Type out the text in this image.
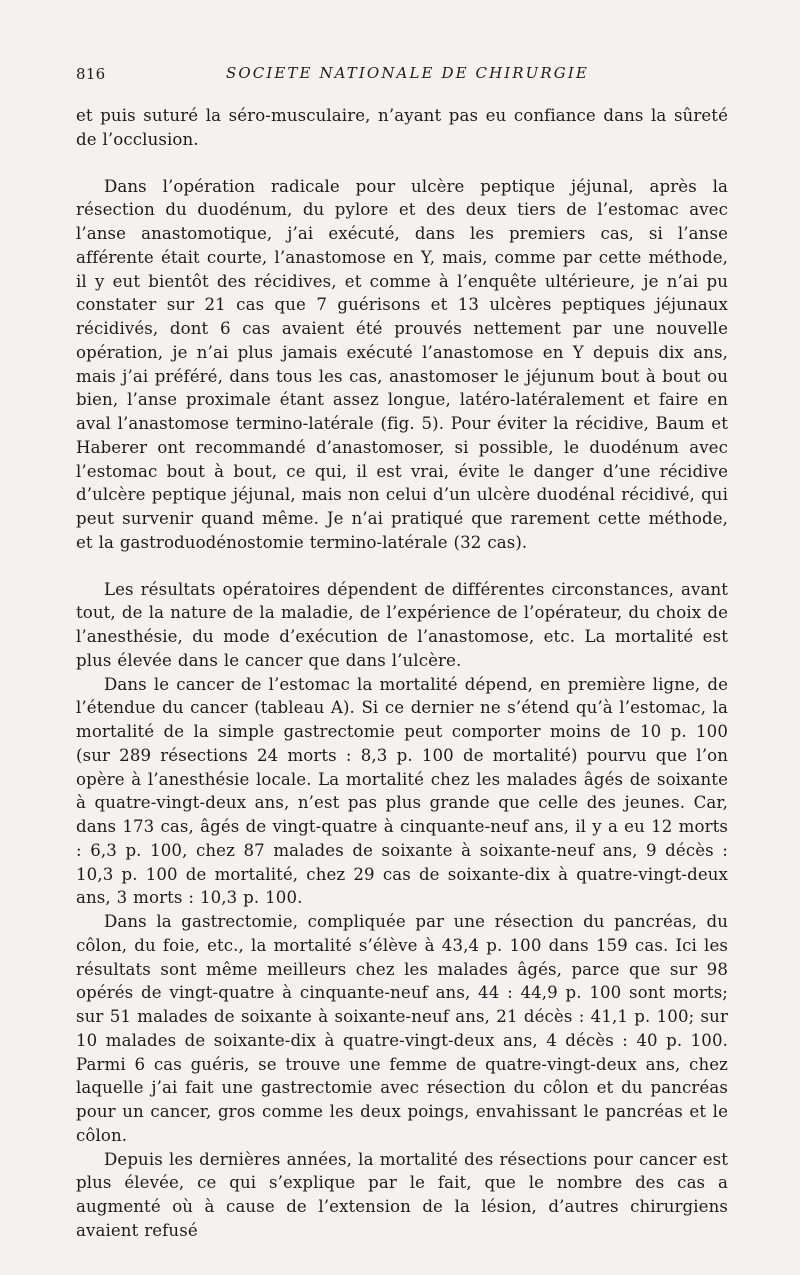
816	SOCIETE NATIONALE DE CHIRURGIE

et puis suturé la séro-musculaire, n’ayant pas eu confiance dans la sûreté de l’occlusion.

Dans l’opération radicale pour ulcère peptique jéjunal, après la résection du duodénum, du pylore et des deux tiers de l’estomac avec l’anse anastomotique, j’ai exécuté, dans les premiers cas, si l’anse afférente était courte, l’anastomose en Y, mais, comme par cette méthode, il y eut bientôt des récidives, et comme à l’enquête ultérieure, je n’ai pu constater sur 21 cas que 7 guérisons et 13 ulcères peptiques jéjunaux récidivés, dont 6 cas avaient été prouvés nettement par une nouvelle opération, je n’ai plus jamais exécuté l’anastomose en Y depuis dix ans, mais j’ai préféré, dans tous les cas, anastomoser le jéjunum bout à bout ou bien, l’anse proximale étant assez longue, latéro-latéralement et faire en aval l’anastomose termino-latérale (fig. 5). Pour éviter la récidive, Baum et Haberer ont recommandé d’anastomoser, si possible, le duodénum avec l’estomac bout à bout, ce qui, il est vrai, évite le danger d’une récidive d’ulcère peptique jéjunal, mais non celui d’un ulcère duodénal récidivé, qui peut survenir quand même. Je n’ai pratiqué que rarement cette méthode, et la gastroduodénostomie termino-latérale (32 cas).

Les résultats opératoires dépendent de différentes circonstances, avant tout, de la nature de la maladie, de l’expérience de l’opérateur, du choix de l’anesthésie, du mode d’exécution de l’anastomose, etc. La mortalité est plus élevée dans le cancer que dans l’ulcère.

Dans le cancer de l’estomac la mortalité dépend, en première ligne, de l’étendue du cancer (tableau A). Si ce dernier ne s’étend qu’à l’estomac, la mortalité de la simple gastrectomie peut comporter moins de 10 p. 100 (sur 289 résections 24 morts : 8,3 p. 100 de mortalité) pourvu que l’on opère à l’anesthésie locale. La mortalité chez les malades âgés de soixante à quatre-vingt-deux ans, n’est pas plus grande que celle des jeunes. Car, dans 173 cas, âgés de vingt-quatre à cinquante-neuf ans, il y a eu 12 morts : 6,3 p. 100, chez 87 malades de soixante à soixante-neuf ans, 9 décès : 10,3 p. 100 de mortalité, chez 29 cas de soixante-dix à quatre-vingt-deux ans, 3 morts : 10,3 p. 100.

Dans la gastrectomie, compliquée par une résection du pancréas, du côlon, du foie, etc., la mortalité s’élève à 43,4 p. 100 dans 159 cas. Ici les résultats sont même meilleurs chez les malades âgés, parce que sur 98 opérés de vingt-quatre à cinquante-neuf ans, 44 : 44,9 p. 100 sont morts; sur 51 malades de soixante à soixante-neuf ans, 21 décès : 41,1 p. 100; sur 10 malades de soixante-dix à quatre-vingt-deux ans, 4 décès : 40 p. 100. Parmi 6 cas guéris, se trouve une femme de quatre-vingt-deux ans, chez laquelle j’ai fait une gastrectomie avec résection du côlon et du pancréas pour un cancer, gros comme les deux poings, envahissant le pancréas et le côlon.

Depuis les dernières années, la mortalité des résections pour cancer est plus élevée, ce qui s’explique par le fait, que le nombre des cas a augmenté où à cause de l’extension de la lésion, d’autres chirurgiens avaient refusé
